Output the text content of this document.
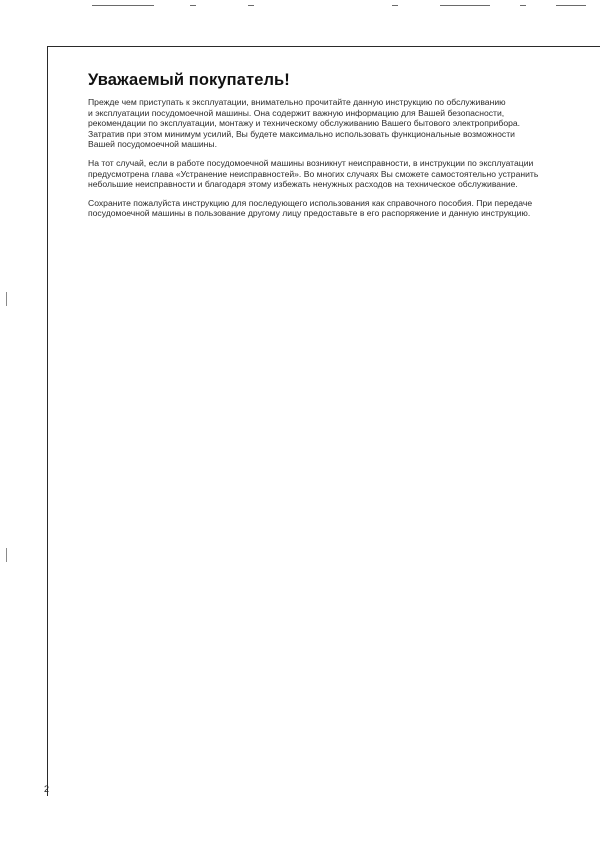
Уважаемый покупатель!

Прежде чем приступать к эксплуатации, внимательно прочитайте данную инструкцию по обслуживанию
и эксплуатации посудомоечной машины. Она содержит важную информацию для Вашей безопасности,
рекомендации по эксплуатации, монтажу и техническому обслуживанию Вашего бытового электроприбора.
Затратив при этом минимум усилий, Вы будете максимально использовать функциональные возможности
Вашей посудомоечной машины.

На тот случай, если в работе посудомоечной машины возникнут неисправности, в инструкции по эксплуатации
предусмотрена глава «Устранение неисправностей». Во многих случаях Вы сможете самостоятельно устранить
небольшие неисправности и благодаря этому избежать ненужных расходов на техническое обслуживание.

Сохраните пожалуйста инструкцию для последующего использования как справочного пособия. При передаче
посудомоечной машины в пользование другому лицу предоставьте в его распоряжение и данную инструкцию.

2
